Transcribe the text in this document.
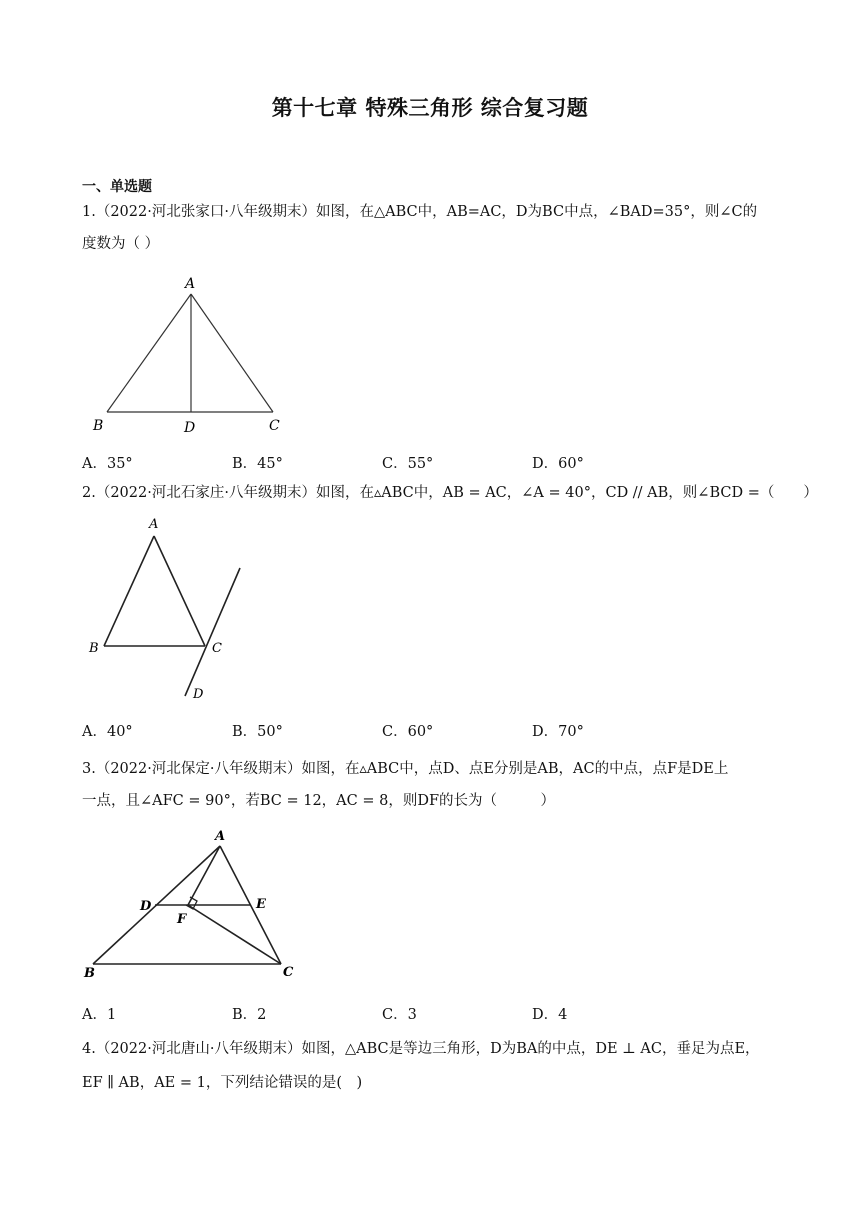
第十七章 特殊三角形 综合复习题
一、单选题
1.（2022·河北张家口·八年级期末）如图，在△ABC中，AB=AC，D为BC中点，∠BAD=35°，则∠C的
度数为（ ）
A
B	D	C
A．35°	B．45°	C．55°	D．60°
2.（2022·河北石家庄·八年级期末）如图，在▵ABC中，AB = AC，∠A = 40°，CD // AB，则∠BCD =（　　）
A
B	C
D
A．40°	B．50°	C．60°	D．70°
3.（2022·河北保定·八年级期末）如图，在▵ABC中，点D、点E分别是AB，AC的中点，点F是DE上
一点，且∠AFC = 90°，若BC = 12，AC = 8，则DF的长为（　　　）
A
D	E
F
B	C
A．1	B．2	C．3	D．4
4.（2022·河北唐山·八年级期末）如图，△ABC是等边三角形，D为BA的中点，DE ⊥ AC，垂足为点E，
EF ∥ AB，AE = 1，下列结论错误的是(　)
